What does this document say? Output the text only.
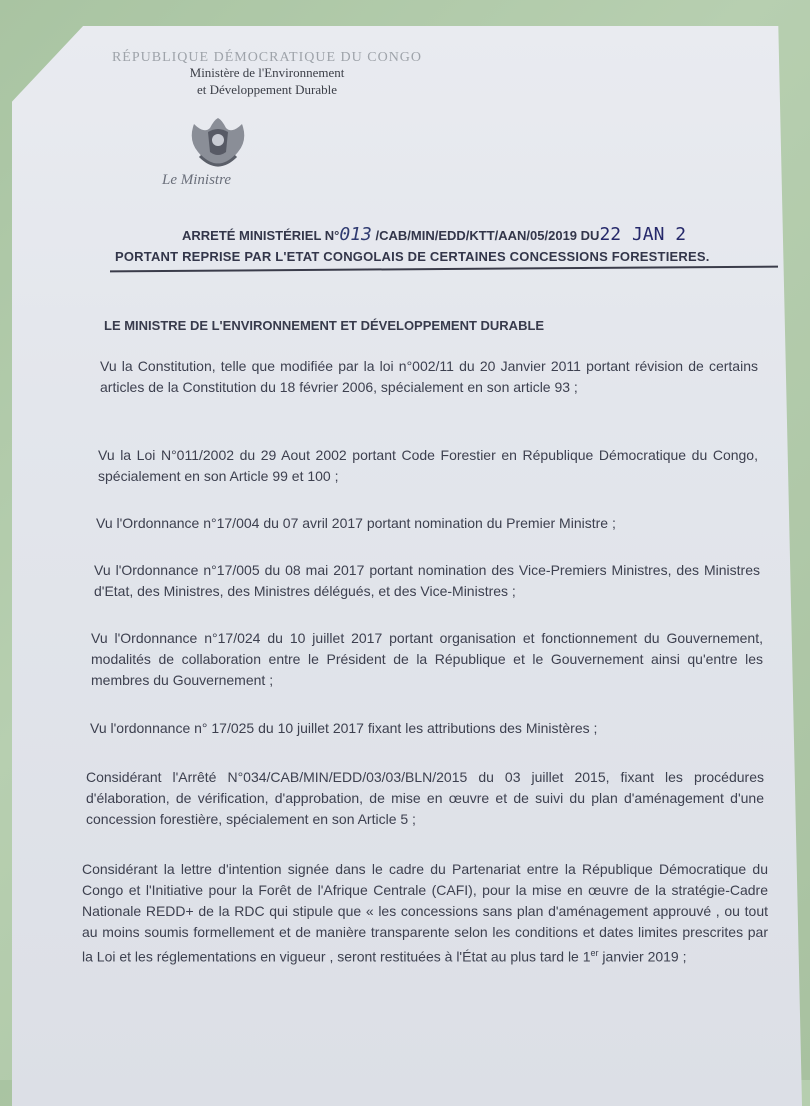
RÉPUBLIQUE DÉMOCRATIQUE DU CONGO
Ministère de l'Environnement
et Développement Durable
Le Ministre
ARRETÉ MINISTÉRIEL N°013 /CAB/MIN/EDD/KTT/AAN/05/2019 DU22 JAN 2
PORTANT REPRISE PAR L'ETAT CONGOLAIS DE CERTAINES CONCESSIONS FORESTIERES.
LE MINISTRE DE L'ENVIRONNEMENT ET DÉVELOPPEMENT DURABLE
Vu la Constitution, telle que modifiée par la loi n°002/11 du 20 Janvier 2011 portant révision de certains articles de la Constitution du 18 février 2006, spécialement en son article 93 ;
Vu la Loi N°011/2002 du 29 Aout 2002 portant Code Forestier en République Démocratique du Congo, spécialement en son Article 99 et 100 ;
Vu l'Ordonnance n°17/004 du 07 avril 2017 portant nomination du Premier Ministre ;
Vu l'Ordonnance n°17/005 du 08 mai 2017 portant nomination des Vice-Premiers Ministres, des Ministres d'Etat, des Ministres, des Ministres délégués, et des Vice-Ministres ;
Vu l'Ordonnance n°17/024 du 10 juillet 2017 portant organisation et fonctionnement du Gouvernement, modalités de collaboration entre le Président de la République et le Gouvernement ainsi qu'entre les membres du Gouvernement ;
Vu l'ordonnance n° 17/025 du 10 juillet 2017 fixant les attributions des Ministères ;
Considérant l'Arrêté N°034/CAB/MIN/EDD/03/03/BLN/2015 du 03 juillet 2015, fixant les procédures d'élaboration, de vérification, d'approbation, de mise en œuvre et de suivi du plan d'aménagement d'une concession forestière, spécialement en son Article 5 ;
Considérant la lettre d'intention signée dans le cadre du Partenariat entre la République Démocratique du Congo et l'Initiative pour la Forêt de l'Afrique Centrale (CAFI), pour la mise en œuvre de la stratégie-Cadre Nationale REDD+ de la RDC qui stipule que « les concessions sans plan d'aménagement approuvé , ou tout au moins soumis formellement et de manière transparente selon les conditions et dates limites prescrites par la Loi et les réglementations en vigueur , seront restituées à l'État au plus tard le 1er janvier 2019 ;
